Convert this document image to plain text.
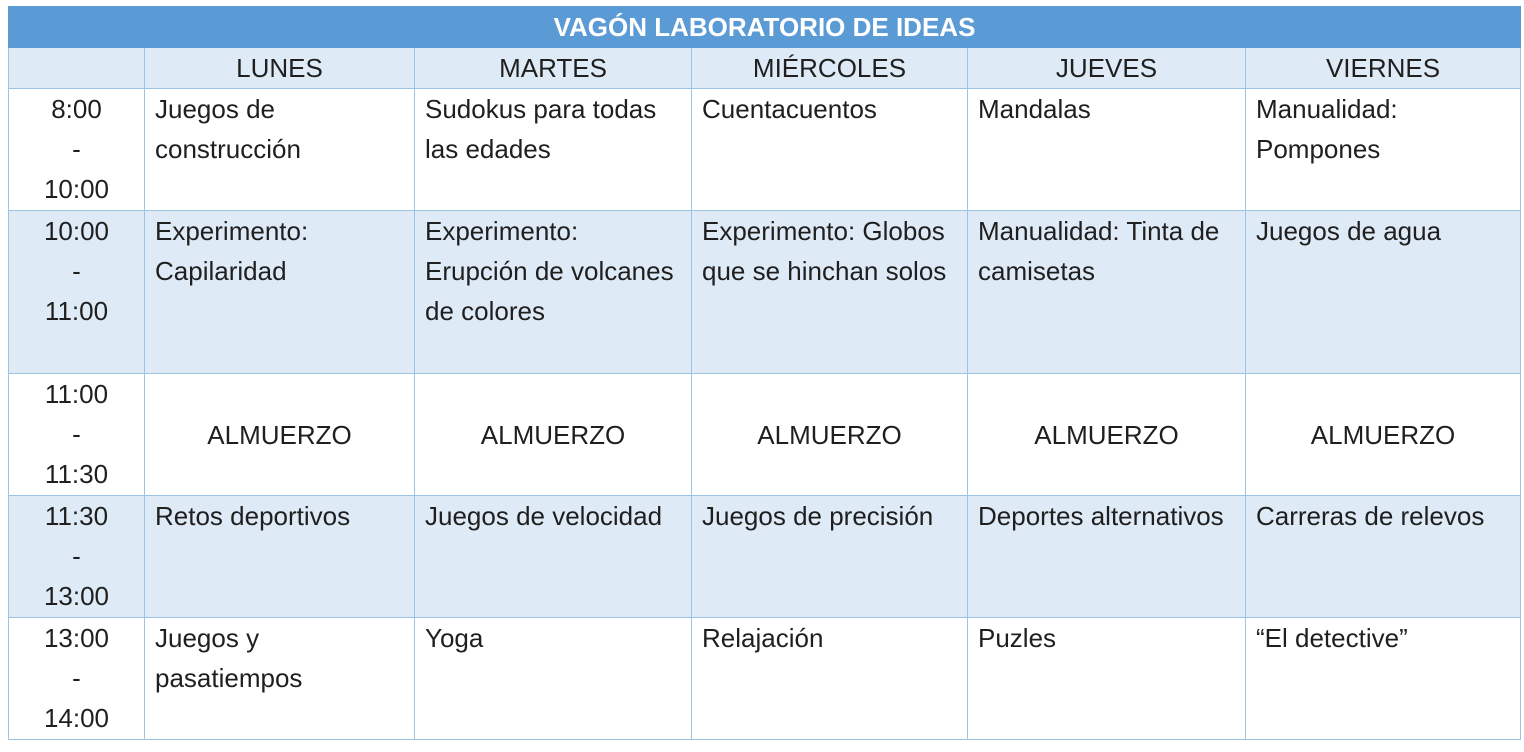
VAGÓN LABORATORIO DE IDEAS					
	LUNES	MARTES	MIÉRCOLES	JUEVES	VIERNES

8:00
-
10:00	Juegos de construcción	Sudokus para todas las edades	Cuentacuentos	Mandalas	Manualidad: Pompones

10:00
-
11:00	Experimento: Capilaridad	Experimento: Erupción de volcanes de colores	Experimento: Globos que se hinchan solos	Manualidad: Tinta de camisetas	Juegos de agua

11:00
-
11:30	ALMUERZO	ALMUERZO	ALMUERZO	ALMUERZO	ALMUERZO

11:30
-
13:00	Retos deportivos	Juegos de velocidad	Juegos de precisión	Deportes alternativos	Carreras de relevos

13:00
-
14:00	Juegos y pasatiempos	Yoga	Relajación	Puzles	“El detective”
